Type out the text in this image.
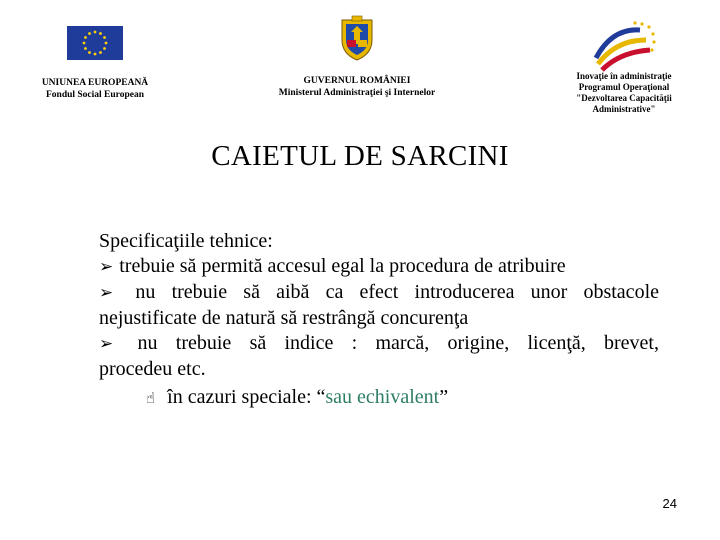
UNIUNEA EUROPEANĂ
Fondul Social European
GUVERNUL ROMÂNIEI
Ministerul Administraţiei şi Internelor
Inovaţie în administraţie
Programul Operaţional
"Dezvoltarea Capacităţii
Administrative"
CAIETUL DE SARCINI

Specificaţiile tehnice:

➢ trebuie să permită accesul egal la procedura de atribuire

➢ nu trebuie să aibă ca efect introducerea unor obstacole

nejustificate de natură să restrângă concurenţa

➢ nu trebuie să indice : marcă, origine, licenţă, brevet,

procedeu etc.

☝ în cazuri speciale: “sau echivalent”

24
